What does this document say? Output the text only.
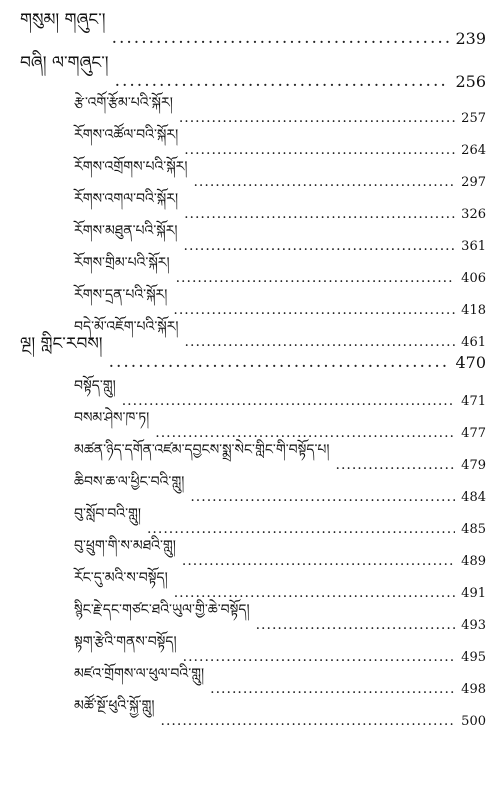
གསུམ། གཞུང་།
.....
239
བཞི། ལ་གཞུང་།
.....
256
རྩེ་འགོ་རྩོམ་པའི་སྐོར།
.....
257
རོགས་འཚོལ་བའི་སྐོར།
.....
264
རོགས་འགྲོགས་པའི་སྐོར།
.....
297
རོགས་འགལ་བའི་སྐོར།
.....
326
རོགས་མཐུན་པའི་སྐོར།
.....
361
རོགས་གྲིམ་པའི་སྐོར།
.....
406
རོགས་དྲན་པའི་སྐོར།
.....
418
བདེ་མོ་འཇོག་པའི་སྐོར།
.....
461
ལྔ། གླིང་རབས།
.....
470
བསྟོད་གླུ།
.....
471
བསམ་ཤེས་ཁ་ཏ།
.....
477
མཚན་ཉིད་དགོན་འཛམ་དབྱངས་སྨྲ་སེང་གླིང་གི་བསྟོད་པ།
.....
479
ཆིབས་ཆ་ལ་ཕྱིང་བའི་གླུ།
.....
484
བུ་སློབ་བའི་གླུ།
.....
485
བུ་ཕྲུག་གི་ས་མཐའི་གླུ།
.....
489
རོང་དུ་མའི་ས་བསྟོད།
.....
491
སྙིང་རྗེ་དང་གཙང་ཐའི་ཡུལ་གྱི་ཆེ་བསྟོད།
.....
493
སྟག་རྩེའི་གནས་བསྟོད།
.....
495
མཛའ་གྲོགས་ལ་ཕུལ་བའི་གླུ།
.....
498
མཚོ་སྔོ་ཕུའི་སྐྱོ་གླུ།
.....
500
